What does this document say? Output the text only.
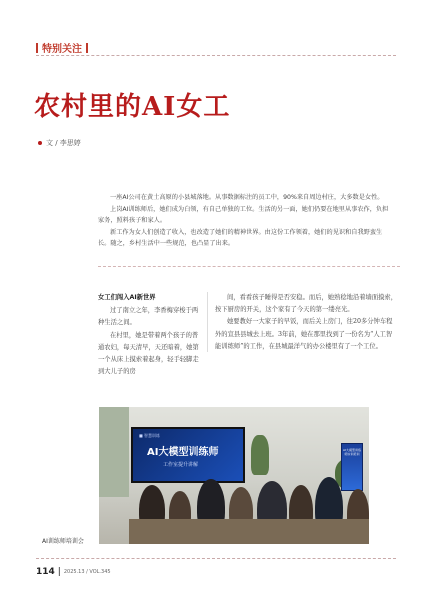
特别关注
农村里的AI女工
文 / 李思婷

一座AI公司在黄土高原的小县城落地。从事数据标注的员工中，90%来自周边村庄，大多数是女性。

上岗AI训练师后，她们成为白领，有自己单独的工位。生活的另一面，她们仍要在地里从事农作，负担家务，照料孩子和家人。

新工作为女人们创造了收入，也改造了她们的精神世界。由这份工作领着，她们的见识和自我野蛮生长。随之，乡村生活中一些规范，也凸显了出来。

女工们闯入AI新世界

过了南立之年，李香梅穿梭于两种生活之间。

在村里，她是带着两个孩子的普通农妇，每天清早，天还暗着，她第一个从床上摸索着起身，轻手轻脚走到大儿子的房

间，看看孩子睡得是否安稳。而后，她熟稔地沿着墙面摸索，按下厨房的开关，这个家有了今天的第一缕亮光。

她要教好一大家子的早饭，而后关上房门，往20多分钟车程外的宣县县城去上班。3年前，她在那里找到了一份名为“人工智能训练师”的工作，在县城最洋气的办公楼里有了一个工位。

■ 智慧训练
AI大模型训练师
工作室提升讲解
AI大模型训练师实训培训
AI训练师培训会
114 | 2025.13 / VOL.345
